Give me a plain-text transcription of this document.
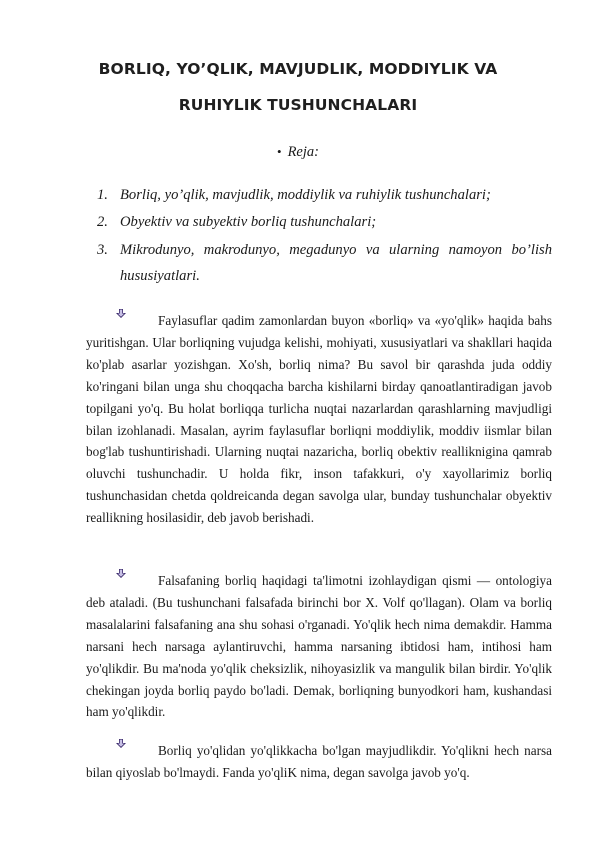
BORLIQ, YO’QLIK, MAVJUDLIK, MODDIYLIK VA
RUHIYLIK TUSHUNCHALARI
• Reja:
1. Borliq, yo’qlik, mavjudlik, moddiylik va ruhiylik tushunchalari;
2. Obyektiv va subyektiv borliq tushunchalari;
3. Mikrodunyo, makrodunyo, megadunyo va ularning namoyon bo’lish hususiyatlari.

Faylasuflar qadim zamonlardan buyon «borliq» va «yo'qlik» haqida bahs yuritishgan. Ular borliqning vujudga kelishi, mohiyati, xususiyatlari va shakllari haqida ko'plab asarlar yozishgan. Xo'sh, borliq nima? Bu savol bir qarashda juda oddiy ko'ringani bilan unga shu choqqacha barcha kishilarni birday qanoatlantiradigan javob topilgani yo'q. Bu holat borliqqa turlicha nuqtai nazarlardan qarashlarning mavjudligi bilan izohlanadi. Masalan, ayrim faylasuflar borliqni moddiylik, moddiv iismlar bilan bog'lab tushuntirishadi. Ularning nuqtai nazaricha, borliq obektiv realliknigina qamrab oluvchi tushunchadir. U holda fikr, inson tafakkuri, o'y xayollarimiz borliq tushunchasidan chetda qoldreicanda degan savolga ular, bunday tushunchalar obyektiv reallikning hosilasidir, deb javob berishadi.

Falsafaning borliq haqidagi ta'limotni izohlaydigan qismi — ontologiya deb ataladi. (Bu tushunchani falsafada birinchi bor X. Volf qo'llagan). Olam va borliq masalalarini falsafaning ana shu sohasi o'rganadi. Yo'qlik hech nima demakdir. Hamma narsani hech narsaga aylantiruvchi, hamma narsaning ibtidosi ham, intihosi ham yo'qlikdir. Bu ma'noda yo'qlik cheksizlik, nihoyasizlik va mangulik bilan birdir. Yo'qlik chekingan joyda borliq paydo bo'ladi. Demak, borliqning bunyodkori ham, kushandasi ham yo'qlikdir.

Borliq yo'qlidan yo'qlikkacha bo'lgan mayjudlikdir. Yo'qlikni hech narsa bilan qiyoslab bo'lmaydi. Fanda yo'qliK nima, degan savolga javob yo'q.
